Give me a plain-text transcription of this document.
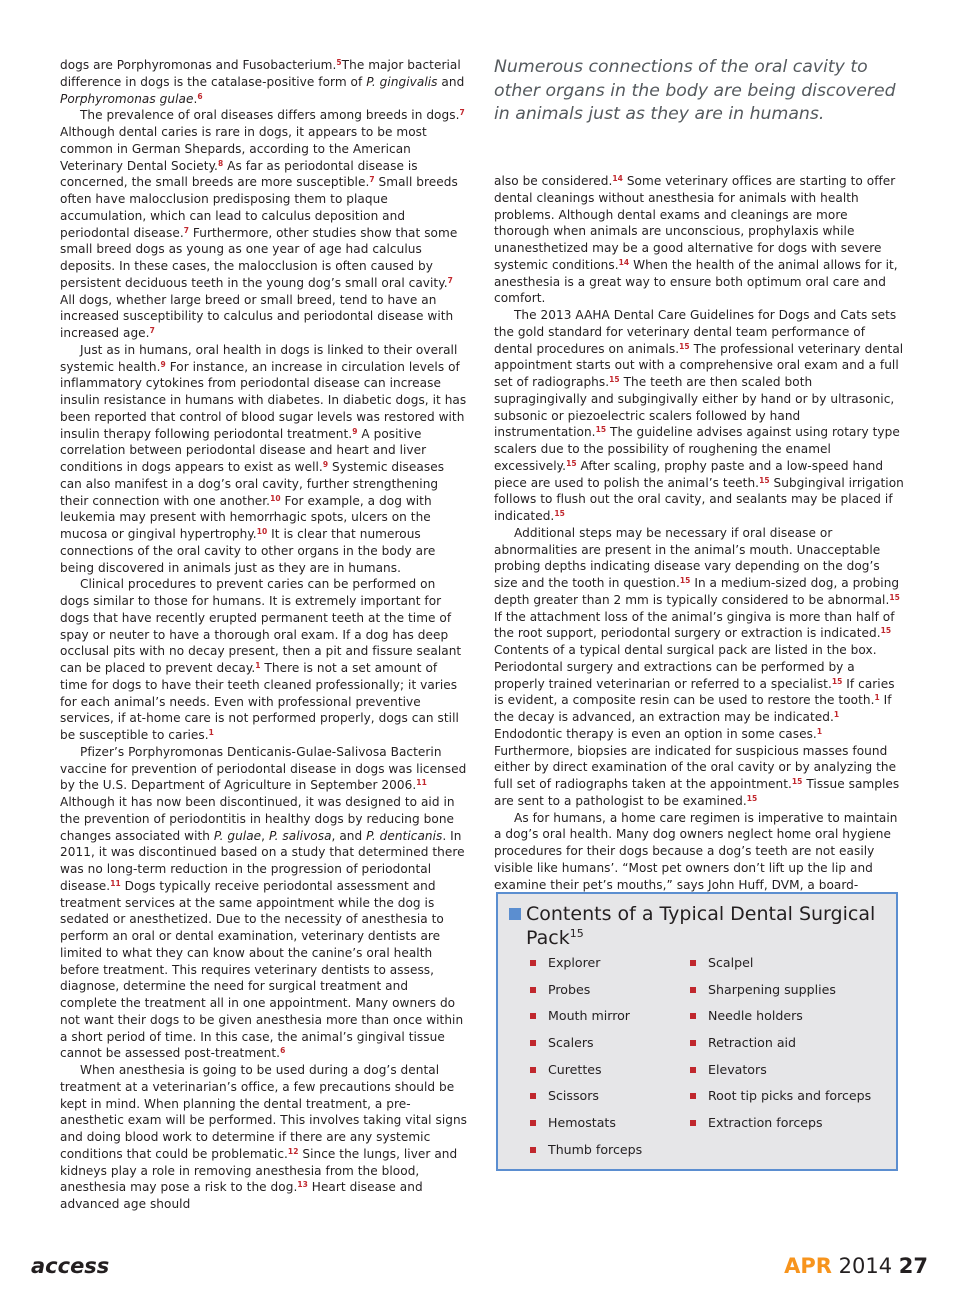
Numerous connections of the oral cavity to other organs in the body are being discovered in animals just as they are in humans.

dogs are Porphyromonas and Fusobacterium.$^5$The major bacterial difference in dogs is the catalase-positive form of P. gingivalis and Porphyromonas gulae.$^6$

The prevalence of oral diseases differs among breeds in dogs.$^7$ Although dental caries is rare in dogs, it appears to be most common in German Shepards, according to the American Veterinary Dental Society.$^8$ As far as periodontal disease is concerned, the small breeds are more susceptible.$^7$ Small breeds often have malocclusion predisposing them to plaque accumulation, which can lead to calculus deposition and periodontal disease.$^7$ Furthermore, other studies show that some small breed dogs as young as one year of age had calculus deposits. In these cases, the malocclusion is often caused by persistent deciduous teeth in the young dog’s small oral cavity.$^7$ All dogs, whether large breed or small breed, tend to have an increased susceptibility to calculus and periodontal disease with increased age.$^7$

Just as in humans, oral health in dogs is linked to their overall systemic health.$^9$ For instance, an increase in circulation levels of inflammatory cytokines from periodontal disease can increase insulin resistance in humans with diabetes. In diabetic dogs, it has been reported that control of blood sugar levels was restored with insulin therapy following periodontal treatment.$^9$ A positive correlation between periodontal disease and heart and liver conditions in dogs appears to exist as well.$^9$ Systemic diseases can also manifest in a dog’s oral cavity, further strengthening their connection with one another.$^{10}$ For example, a dog with leukemia may present with hemorrhagic spots, ulcers on the mucosa or gingival hypertrophy.$^{10}$ It is clear that numerous connections of the oral cavity to other organs in the body are being discovered in animals just as they are in humans.

Clinical procedures to prevent caries can be performed on dogs similar to those for humans. It is extremely important for dogs that have recently erupted permanent teeth at the time of spay or neuter to have a thorough oral exam. If a dog has deep occlusal pits with no decay present, then a pit and fissure sealant can be placed to prevent decay.$^1$ There is not a set amount of time for dogs to have their teeth cleaned professionally; it varies for each animal’s needs. Even with professional preventive services, if at-home care is not performed properly, dogs can still be susceptible to caries.$^1$

Pfizer’s Porphyromonas Denticanis-Gulae-Salivosa Bacterin vaccine for prevention of periodontal disease in dogs was licensed by the U.S. Department of Agriculture in September 2006.11 Although it has now been discontinued, it was designed to aid in the prevention of periodontitis in healthy dogs by reducing bone changes associated with P. gulae, P. salivosa, and P. denticanis. In 2011, it was discontinued based on a study that determined there was no long-term reduction in the progression of periodontal disease.$^{11}$ Dogs typically receive periodontal assessment and treatment services at the same appointment while the dog is sedated or anesthetized. Due to the necessity of anesthesia to perform an oral or dental examination, veterinary dentists are limited to what they can know about the canine’s oral health before treatment. This requires veterinary dentists to assess, diagnose, determine the need for surgical treatment and complete the treatment all in one appointment. Many owners do not want their dogs to be given anesthesia more than once within a short period of time. In this case, the animal’s gingival tissue cannot be assessed post-treatment.$^6$

When anesthesia is going to be used during a dog’s dental treatment at a veterinarian’s office, a few precautions should be kept in mind. When planning the dental treatment, a pre-anesthetic exam will be performed. This involves taking vital signs and doing blood work to determine if there are any systemic conditions that could be problematic.$^{12}$ Since the lungs, liver and kidneys play a role in removing anesthesia from the blood, anesthesia may pose a risk to the dog.$^{13}$ Heart disease and advanced age should

also be considered.$^{14}$ Some veterinary offices are starting to offer dental cleanings without anesthesia for animals with health problems. Although dental exams and cleanings are more thorough when animals are unconscious, prophylaxis while unanesthetized may be a good alternative for dogs with severe systemic conditions.$^{14}$ When the health of the animal allows for it, anesthesia is a great way to ensure both optimum oral care and comfort.

The 2013 AAHA Dental Care Guidelines for Dogs and Cats sets the gold standard for veterinary dental team performance of dental procedures on animals.$^{15}$ The professional veterinary dental appointment starts out with a comprehensive oral exam and a full set of radiographs.$^{15}$ The teeth are then scaled both supragingivally and subgingivally either by hand or by ultrasonic, subsonic or piezoelectric scalers followed by hand instrumentation.$^{15}$ The guideline advises against using rotary type scalers due to the possibility of roughening the enamel excessively.$^{15}$ After scaling, prophy paste and a low-speed hand piece are used to polish the animal’s teeth.$^{15}$ Subgingival irrigation follows to flush out the oral cavity, and sealants may be placed if indicated.$^{15}$

Additional steps may be necessary if oral disease or abnormalities are present in the animal’s mouth. Unacceptable probing depths indicating disease vary depending on the dog’s size and the tooth in question.$^{15}$ In a medium-sized dog, a probing depth greater than 2 mm is typically considered to be abnormal.$^{15}$ If the attachment loss of the animal’s gingiva is more than half of the root support, periodontal surgery or extraction is indicated.$^{15}$ Contents of a typical dental surgical pack are listed in the box. Periodontal surgery and extractions can be performed by a properly trained veterinarian or referred to a specialist.$^{15}$ If caries is evident, a composite resin can be used to restore the tooth.$^1$ If the decay is advanced, an extraction may be indicated.$^1$ Endodontic therapy is even an option in some cases.$^1$ Furthermore, biopsies are indicated for suspicious masses found either by direct examination of the oral cavity or by analyzing the full set of radiographs taken at the appointment.$^{15}$ Tissue samples are sent to a pathologist to be examined.$^{15}$

As for humans, a home care regimen is imperative to maintain a dog’s oral health. Many dog owners neglect home oral hygiene procedures for their dogs because a dog’s teeth are not easily visible like humans’. “Most pet owners don’t lift up the lip and examine their pet’s mouths,” says John Huff, DVM, a board-

Contents of a Typical Dental Surgical Pack$^{15}$
Explorer
Probes
Mouth mirror
Scalers
Curettes
Scissors
Hemostats
Thumb forceps
Scalpel
Sharpening supplies
Needle holders
Retraction aid
Elevators
Root tip picks and forceps
Extraction forceps
access	APR 2014 27
